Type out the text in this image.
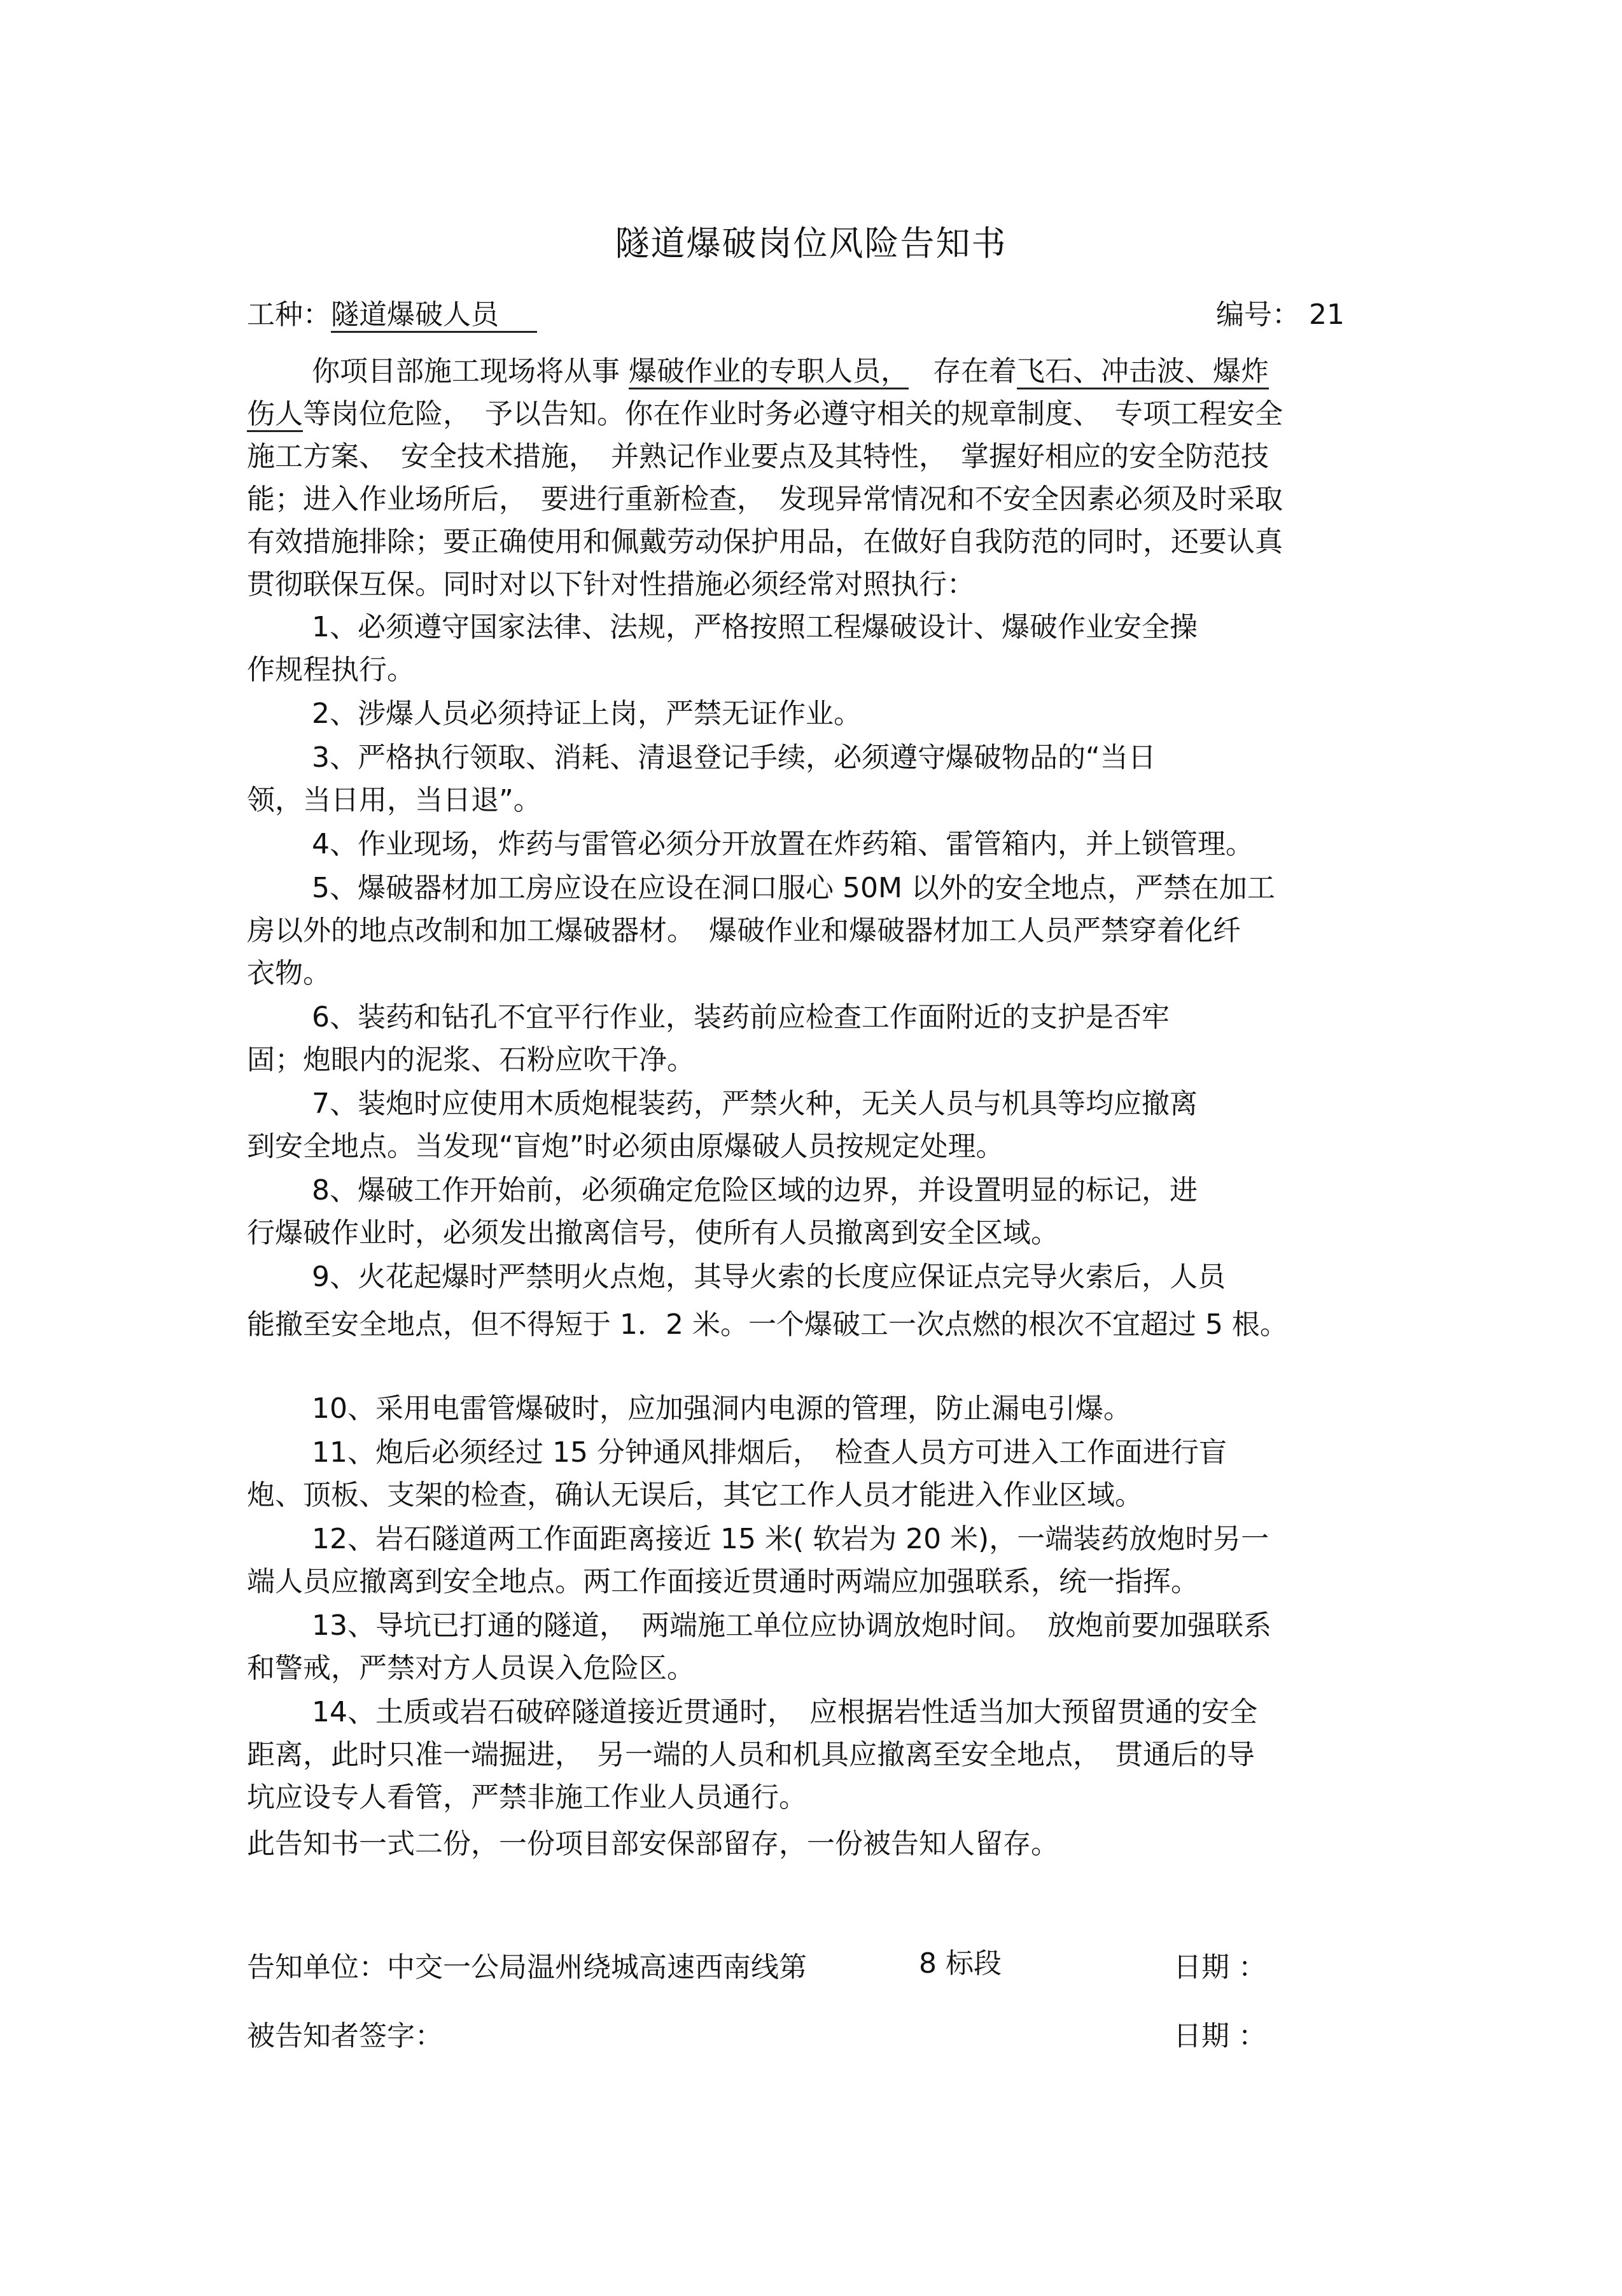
隧道爆破岗位风险告知书
工种：隧道爆破人员	编号： 21
你项目部施工现场将从事 爆破作业的专职人员， 存在着飞石、冲击波、爆炸
伤人等岗位危险，　予以告知。你在作业时务必遵守相关的规章制度、　专项工程安全
施工方案、　安全技术措施，　并熟记作业要点及其特性，　掌握好相应的安全防范技
能；进入作业场所后，　要进行重新检查，　发现异常情况和不安全因素必须及时采取
有效措施排除；要正确使用和佩戴劳动保护用品，在做好自我防范的同时，还要认真
贯彻联保互保。同时对以下针对性措施必须经常对照执行：
1、必须遵守国家法律、法规，严格按照工程爆破设计、爆破作业安全操
作规程执行。
2、涉爆人员必须持证上岗，严禁无证作业。
3、严格执行领取、消耗、清退登记手续，必须遵守爆破物品的“当日
领，当日用，当日退”。
4、作业现场，炸药与雷管必须分开放置在炸药箱、雷管箱内，并上锁管理。
5、爆破器材加工房应设在应设在洞口服心 50M 以外的安全地点，严禁在加工
房以外的地点改制和加工爆破器材。　爆破作业和爆破器材加工人员严禁穿着化纤
衣物。
6、装药和钻孔不宜平行作业，装药前应检查工作面附近的支护是否牢
固；炮眼内的泥浆、石粉应吹干净。
7、装炮时应使用木质炮棍装药，严禁火种，无关人员与机具等均应撤离
到安全地点。当发现“盲炮”时必须由原爆破人员按规定处理。
8、爆破工作开始前，必须确定危险区域的边界，并设置明显的标记，进
行爆破作业时，必须发出撤离信号，使所有人员撤离到安全区域。
9、火花起爆时严禁明火点炮，其导火索的长度应保证点完导火索后，人员
能撤至安全地点，但不得短于 1．2 米。一个爆破工一次点燃的根次不宜超过 5 根。
10、采用电雷管爆破时，应加强洞内电源的管理，防止漏电引爆。
11、炮后必须经过 15 分钟通风排烟后，　检查人员方可进入工作面进行盲
炮、顶板、支架的检查，确认无误后，其它工作人员才能进入作业区域。
12、岩石隧道两工作面距离接近 15 米( 软岩为 20 米)，一端装药放炮时另一
端人员应撤离到安全地点。两工作面接近贯通时两端应加强联系，统一指挥。
13、导坑已打通的隧道，　两端施工单位应协调放炮时间。　放炮前要加强联系
和警戒，严禁对方人员误入危险区。
14、土质或岩石破碎隧道接近贯通时，　应根据岩性适当加大预留贯通的安全
距离，此时只准一端掘进，　另一端的人员和机具应撤离至安全地点，　贯通后的导
坑应设专人看管，严禁非施工作业人员通行。
此告知书一式二份，一份项目部安保部留存，一份被告知人留存。
告知单位：中交一公局温州绕城高速西南线第	8 标段	日期 ：
被告知者签字：	日期 ：
